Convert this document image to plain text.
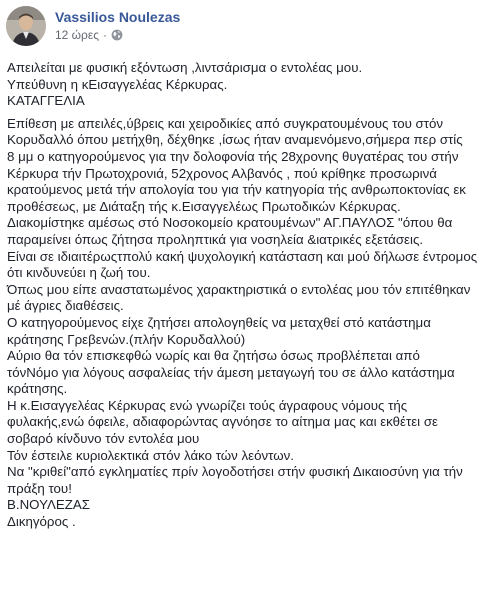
Vassilios Noulezas
12 ώρες ·

Απειλείται με φυσική εξόντωση ,λιντσάρισμα ο εντολέας μου.

Υπεύθυνη η κΕισαγγελέας Κέρκυρας.

ΚΑΤΑΓΓΕΛΙΑ

Επίθεση με απειλές,ύβρεις και χειροδικίες από συγκρατουμένους του στόν

Κορυδαλλό όπου μετήχθη, δέχθηκε ,ίσως ήταν αναμενόμενο,σήμερα περ στίς

8 μμ ο κατηγορούμενος για την δολοφονία τής 28χρονης θυγατέρας του στήν

Κέρκυρα τήν Πρωτοχρονιά, 52χρονος Αλβανός , πού κρίθηκε προσωρινά

κρατούμενος μετά τήν απολογία του για τήν κατηγορία τής ανθρωποκτονίας εκ

προθέσεως, με Διάταξη τής κ.Εισαγγελέως Πρωτοδικών Κέρκυρας.

Διακομίστηκε αμέσως στό Νοσοκομείο κρατουμένων" ΑΓ.ΠΑΥΛΟΣ "όπου θα

παραμείνει όπως ζήτησα προληπτικά για νοσηλεία &ιατρικές εξετάσεις.

Είναι σε ιδιαιτέρωςτπολύ κακή ψυχολογική κατάσταση και μού δήλωσε έντρομος

ότι κινδυνεύει η ζωή του.

Όπως μου είπε αναστατωμένος χαρακτηριστικά ο εντολέας μου τόν επιτέθηκαν

μέ άγριες διαθέσεις.

Ο κατηγορούμενος είχε ζητήσει απολογηθείς να μεταχθεί στό κατάστημα

κράτησης Γρεβενών.(πλήν Κορυδαλλού)

Αύριο θα τόν επισκεφθώ νωρίς και θα ζητήσω όσως προβλέπεται από

τόνΝόμο για λόγους ασφαλείας τήν άμεση μεταγωγή του σε άλλο κατάστημα

κράτησης.

Η κ.Εισαγγελέας Κέρκυρας ενώ γνωρίζει τούς άγραφους νόμους τής

φυλακής,ενώ όφειλε, αδιαφορώντας αγνόησε το αίτημα μας και εκθέτει σε

σοβαρό κίνδυνο τόν εντολέα μου

Τόν έστειλε κυριολεκτικά στόν λάκο τών λεόντων.

Να "κριθεί"από εγκληματίες πρίν λογοδοτήσει στήν φυσική Δικαιοσύνη για τήν

πράξη του!

Β.ΝΟΥΛΕΖΑΣ

Δικηγόρος .
